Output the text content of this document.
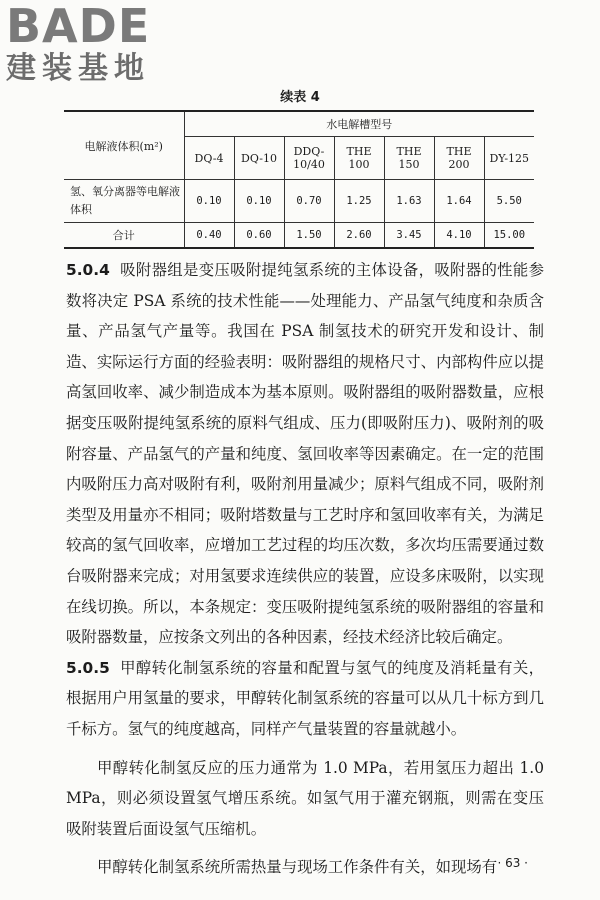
BADE
建装基地
续表 4
电解液体积(m²)	水电解槽型号						
	DQ-4	DQ-10	DDQ-10/40	THE 100	THE 150	THE 200	DY-125
氢、氧分离器等电解液体积	0.10	0.10	0.70	1.25	1.63	1.64	5.50
合计	0.40	0.60	1.50	2.60	3.45	4.10	15.00

5.0.4 吸附器组是变压吸附提纯氢系统的主体设备，吸附器的性能参数将决定 PSA 系统的技术性能——处理能力、产品氢气纯度和杂质含量、产品氢气产量等。我国在 PSA 制氢技术的研究开发和设计、制造、实际运行方面的经验表明：吸附器组的规格尺寸、内部构件应以提高氢回收率、减少制造成本为基本原则。吸附器组的吸附器数量，应根据变压吸附提纯氢系统的原料气组成、压力(即吸附压力)、吸附剂的吸附容量、产品氢气的产量和纯度、氢回收率等因素确定。在一定的范围内吸附压力高对吸附有利，吸附剂用量减少；原料气组成不同，吸附剂类型及用量亦不相同；吸附塔数量与工艺时序和氢回收率有关，为满足较高的氢气回收率，应增加工艺过程的均压次数，多次均压需要通过数台吸附器来完成；对用氢要求连续供应的装置，应设多床吸附，以实现在线切换。所以，本条规定：变压吸附提纯氢系统的吸附器组的容量和吸附器数量，应按条文列出的各种因素，经技术经济比较后确定。

5.0.5 甲醇转化制氢系统的容量和配置与氢气的纯度及消耗量有关，根据用户用氢量的要求，甲醇转化制氢系统的容量可以从几十标方到几千标方。氢气的纯度越高，同样产气量装置的容量就越小。

甲醇转化制氢反应的压力通常为 1.0 MPa，若用氢压力超出 1.0 MPa，则必须设置氢气增压系统。如氢气用于灌充钢瓶，则需在变压吸附装置后面设氢气压缩机。

甲醇转化制氢系统所需热量与现场工作条件有关，如现场有 · 63 ·
